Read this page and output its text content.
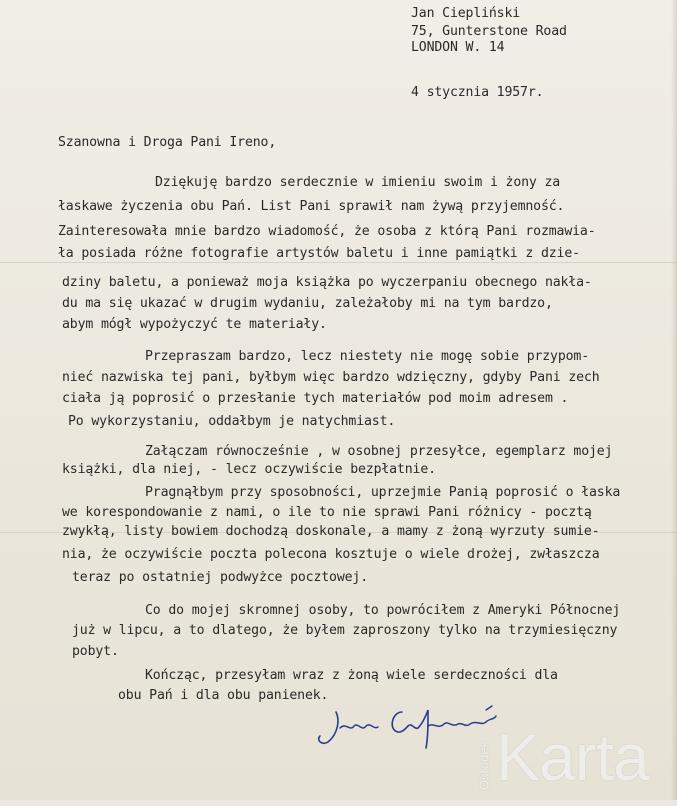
Jan Ciepliński
75, Gunterstone Road
LONDON W. 14
4 stycznia 1957r.
Szanowna i Droga Pani Ireno,
Dziękuję bardzo serdecznie w imieniu swoim i żony za
łaskawe życzenia obu Pań. List Pani sprawił nam żywą przyjemność.
Zainteresowała mnie bardzo wiadomość, że osoba z którą Pani rozmawia-
ła posiada różne fotografie artystów baletu i inne pamiątki z dzie-
dziny baletu, a ponieważ moja książka po wyczerpaniu obecnego nakła-
du ma się ukazać w drugim wydaniu, zależałoby mi na tym bardzo,
abym mógł wypożyczyć te materiały.
Przepraszam bardzo, lecz niestety nie mogę sobie przypom-
nieć nazwiska tej pani, byłbym więc bardzo wdzięczny, gdyby Pani zech
ciała ją poprosić o przesłanie tych materiałów pod moim adresem .
Po wykorzystaniu, oddałbym je natychmiast.
Załączam równocześnie , w osobnej przesyłce, egemplarz mojej
książki, dla niej, - lecz oczywiście bezpłatnie.
Pragnąłbym przy sposobności, uprzejmie Panią poprosić o łaska
we korespondowanie z nami, o ile to nie sprawi Pani różnicy - pocztą
zwykłą, listy bowiem dochodzą doskonale, a mamy z żoną wyrzuty sumie-
nia, że oczywiście poczta polecona kosztuje o wiele drożej, zwłaszcza
teraz po ostatniej podwyżce pocztowej.
Co do mojej skromnej osoby, to powróciłem z Ameryki Północnej
już w lipcu, a to dlatego, że byłem zaproszony tylko na trzymiesięczny
pobyt.
Kończąc, przesyłam wraz z żoną wiele serdeczności dla
obu Pań i dla obu panienek.
Ośrodek Karta
